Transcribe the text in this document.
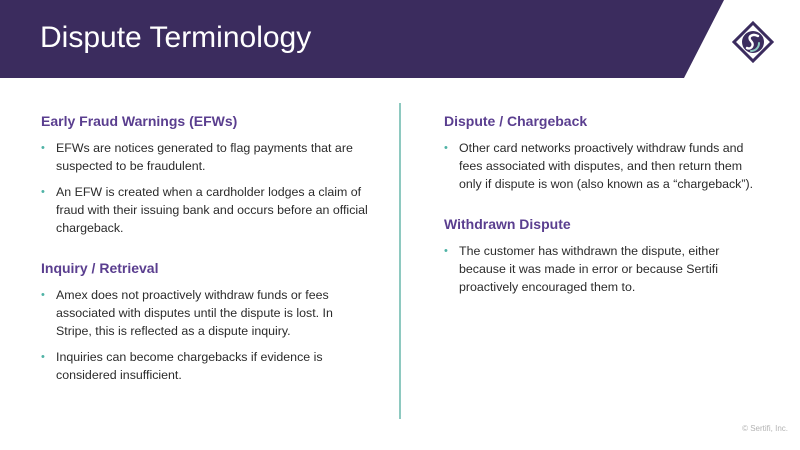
Dispute Terminology
Early Fraud Warnings (EFWs)
• EFWs are notices generated to flag payments that are suspected to be fraudulent.
• An EFW is created when a cardholder lodges a claim of fraud with their issuing bank and occurs before an official chargeback.
Inquiry / Retrieval
• Amex does not proactively withdraw funds or fees associated with disputes until the dispute is lost. In Stripe, this is reflected as a dispute inquiry.
• Inquiries can become chargebacks if evidence is considered insufficient.
Dispute / Chargeback
• Other card networks proactively withdraw funds and fees associated with disputes, and then return them only if dispute is won (also known as a “chargeback”).
Withdrawn Dispute
• The customer has withdrawn the dispute, either because it was made in error or because Sertifi proactively encouraged them to.
© Sertifi, Inc.
